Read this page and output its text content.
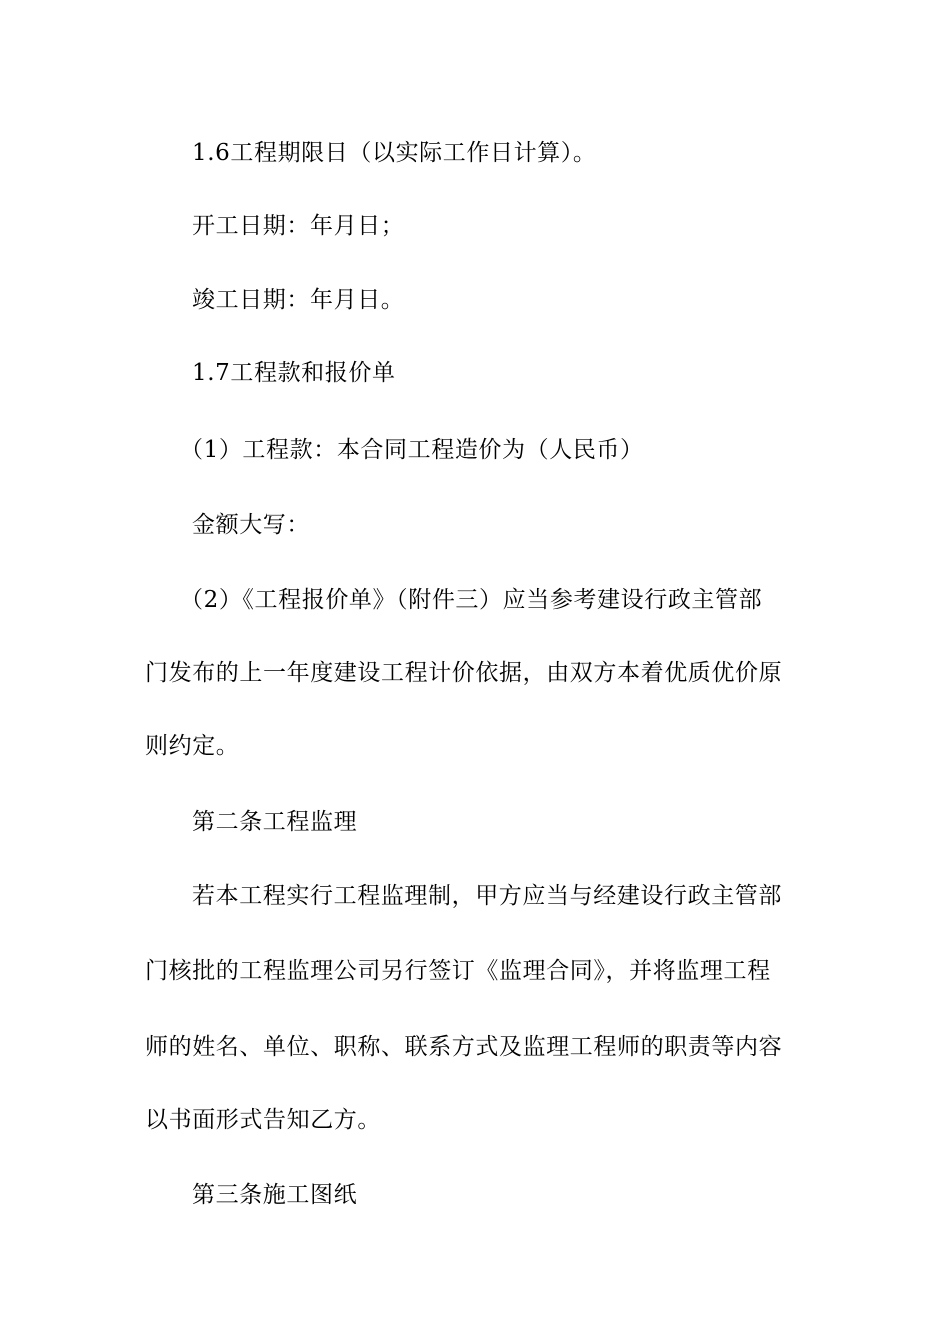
1.6工程期限日（以实际工作日计算）。
开工日期：年月日；
竣工日期：年月日。
1.7工程款和报价单
（1）工程款：本合同工程造价为（人民币）
金额大写：
（2）《工程报价单》（附件三）应当参考建设行政主管部
门发布的上一年度建设工程计价依据，由双方本着优质优价原
则约定。
第二条工程监理
若本工程实行工程监理制，甲方应当与经建设行政主管部
门核批的工程监理公司另行签订《监理合同》，并将监理工程
师的姓名、单位、职称、联系方式及监理工程师的职责等内容
以书面形式告知乙方。
第三条施工图纸
